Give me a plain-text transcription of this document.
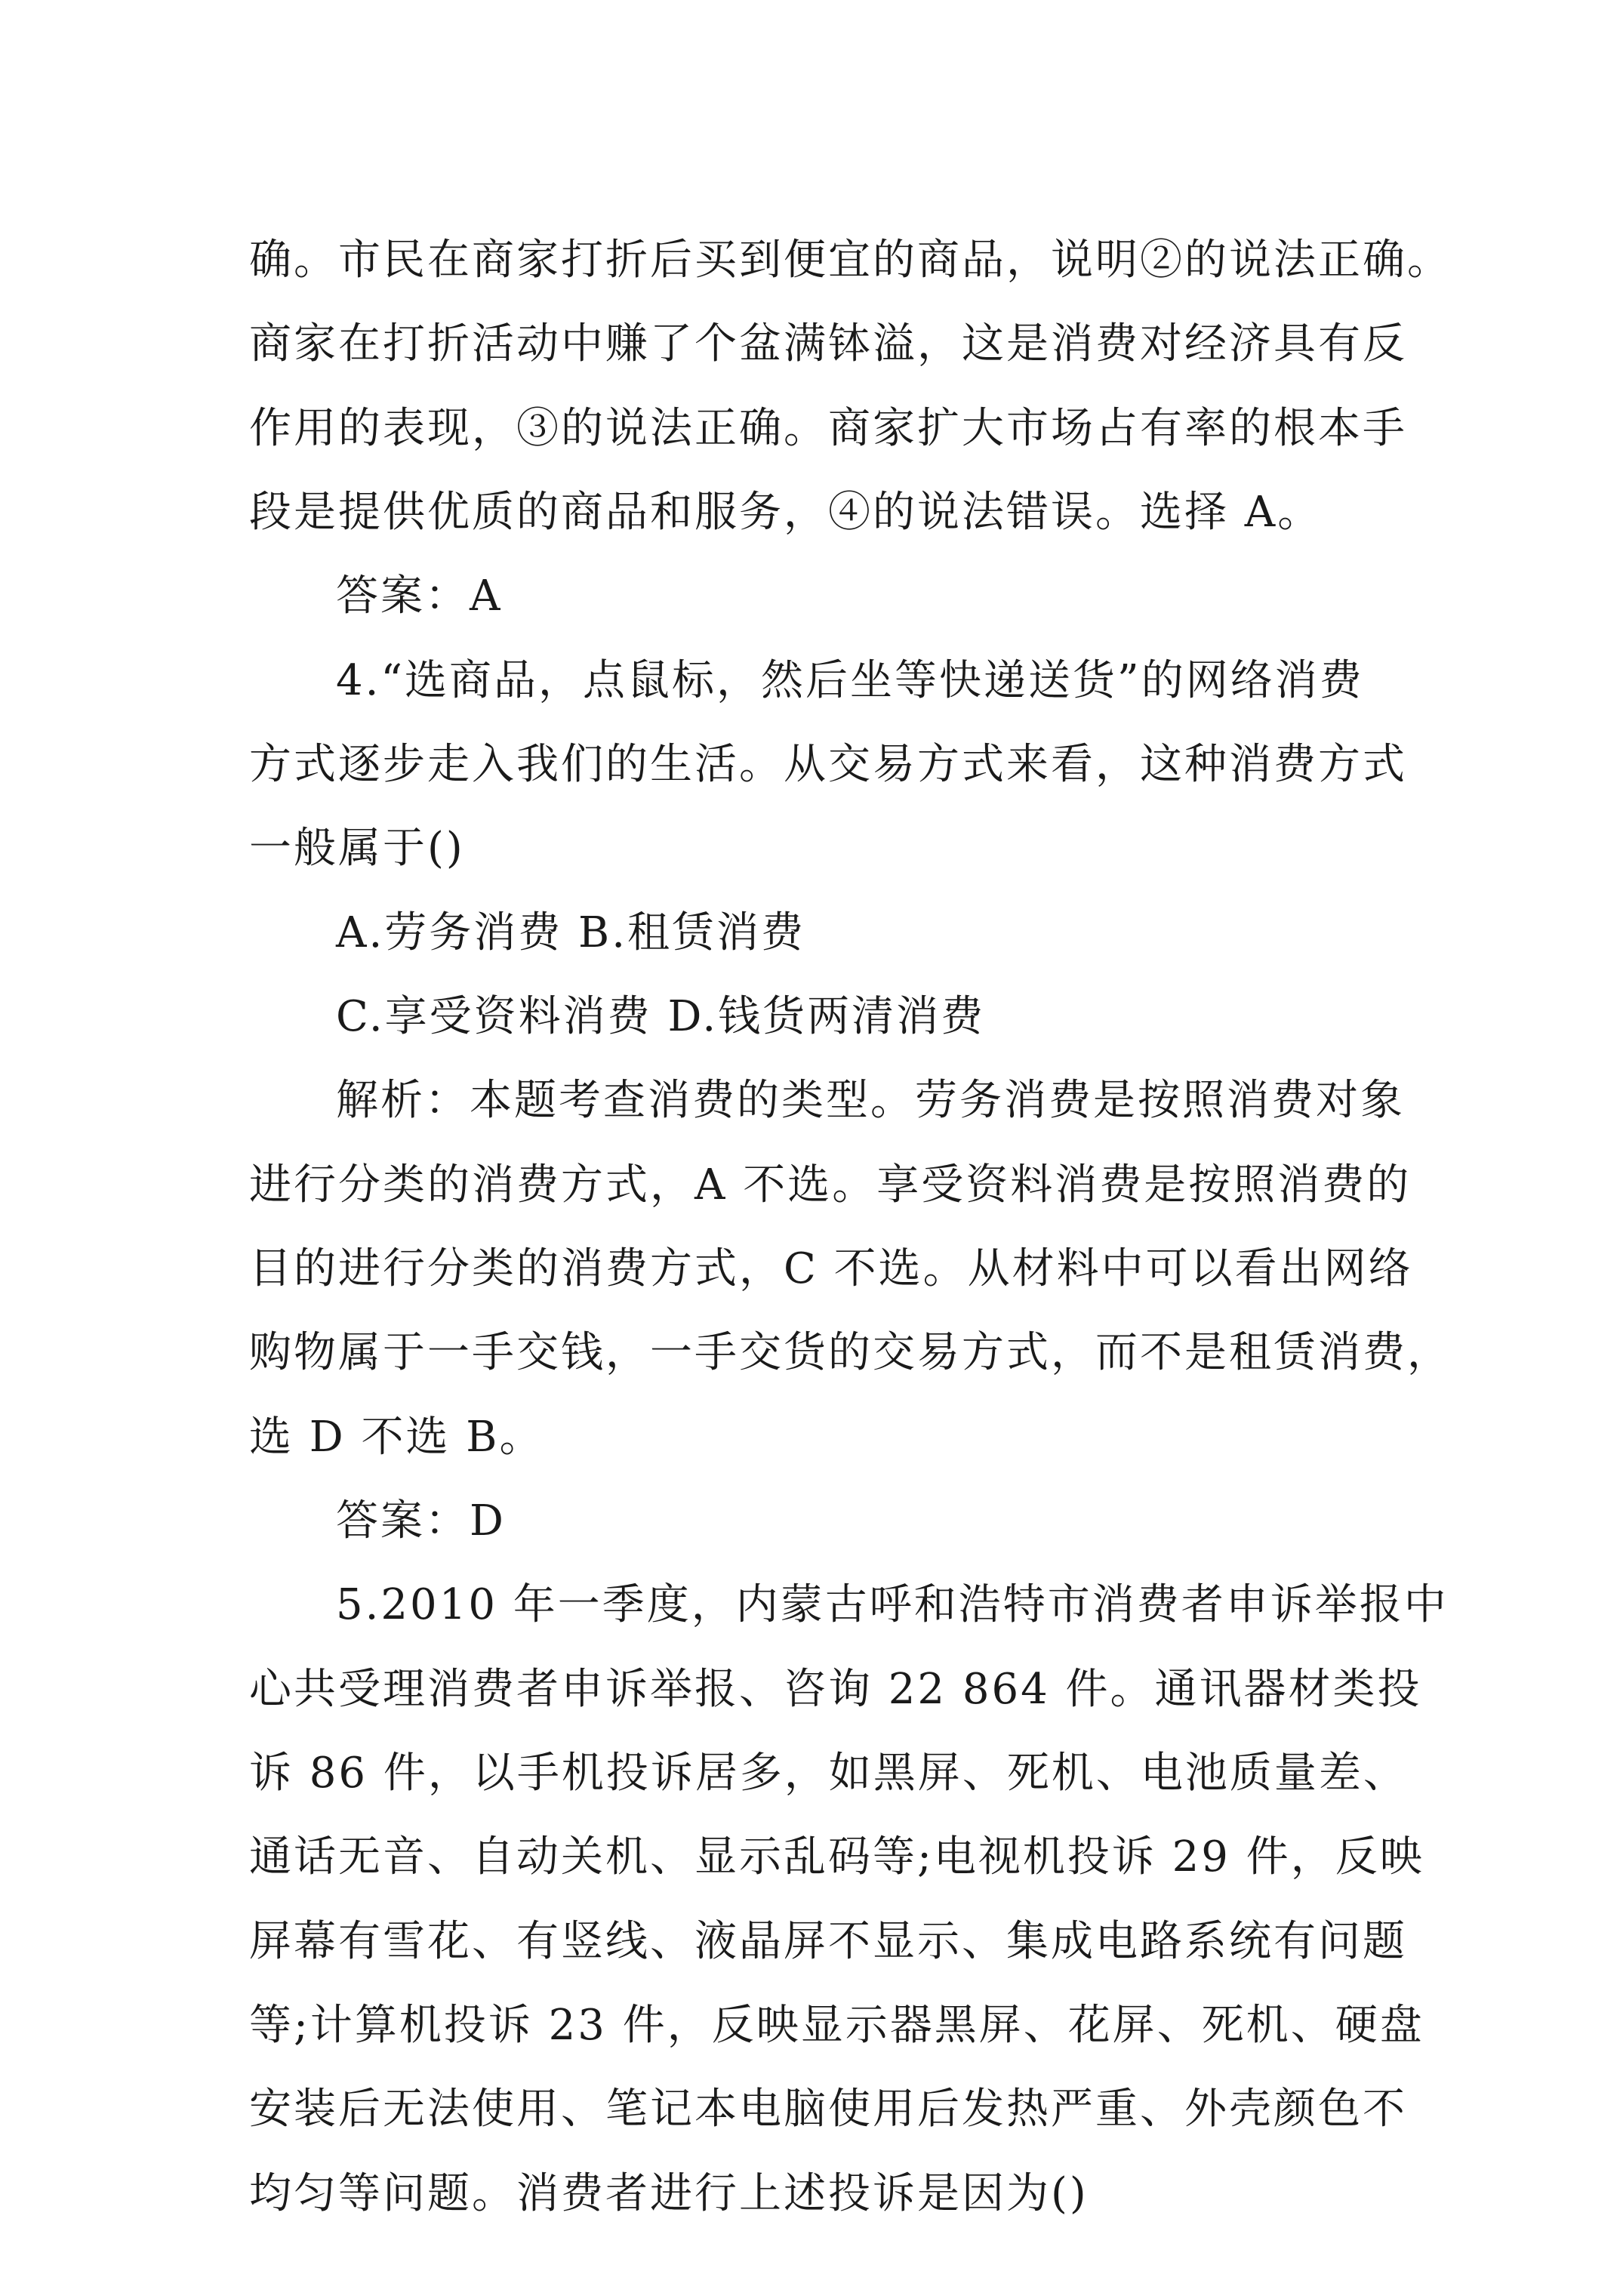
确。市民在商家打折后买到便宜的商品，说明②的说法正确。
商家在打折活动中赚了个盆满钵溢，这是消费对经济具有反
作用的表现，③的说法正确。商家扩大市场占有率的根本手
段是提供优质的商品和服务，④的说法错误。选择 A。
答案：A
4.“选商品，点鼠标，然后坐等快递送货”的网络消费
方式逐步走入我们的生活。从交易方式来看，这种消费方式
一般属于()
A.劳务消费 B.租赁消费
C.享受资料消费 D.钱货两清消费
解析：本题考查消费的类型。劳务消费是按照消费对象
进行分类的消费方式，A 不选。享受资料消费是按照消费的
目的进行分类的消费方式，C 不选。从材料中可以看出网络
购物属于一手交钱，一手交货的交易方式，而不是租赁消费，
选 D 不选 B。
答案：D
5.2010 年一季度，内蒙古呼和浩特市消费者申诉举报中
心共受理消费者申诉举报、咨询 22 864 件。通讯器材类投
诉 86 件，以手机投诉居多，如黑屏、死机、电池质量差、
通话无音、自动关机、显示乱码等;电视机投诉 29 件，反映
屏幕有雪花、有竖线、液晶屏不显示、集成电路系统有问题
等;计算机投诉 23 件，反映显示器黑屏、花屏、死机、硬盘
安装后无法使用、笔记本电脑使用后发热严重、外壳颜色不
均匀等问题。消费者进行上述投诉是因为()
